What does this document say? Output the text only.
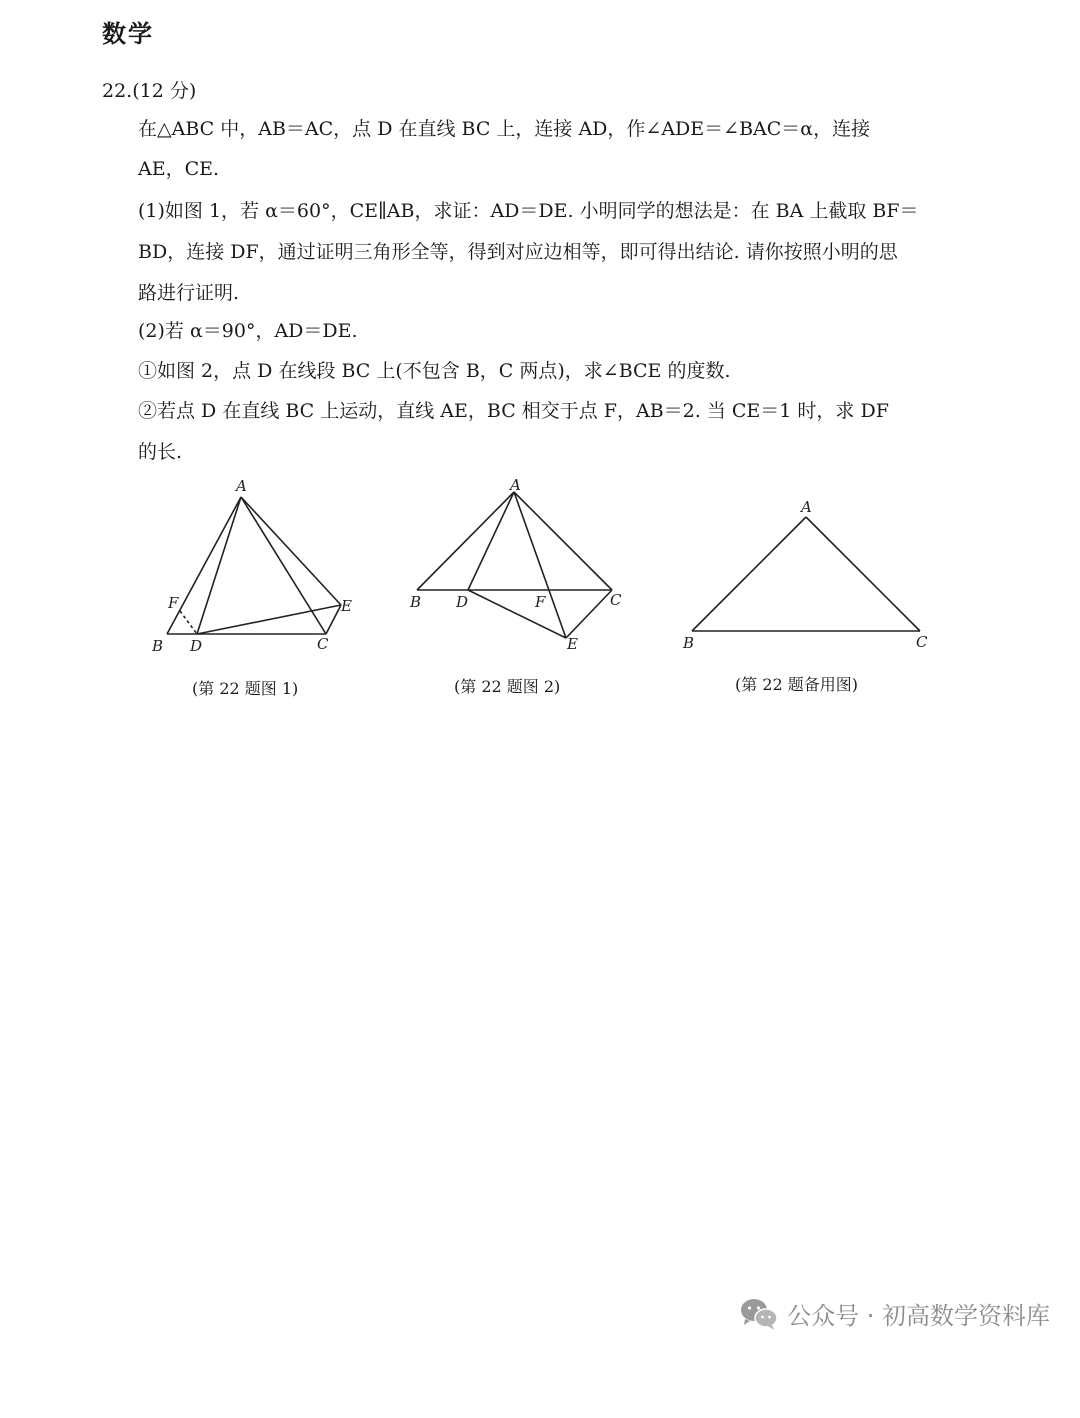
数学
22.(12 分)
在△ABC 中，AB＝AC，点 D 在直线 BC 上，连接 AD，作∠ADE＝∠BAC＝α，连接
AE，CE.
(1)如图 1，若 α＝60°，CE∥AB，求证：AD＝DE. 小明同学的想法是：在 BA 上截取 BF＝
BD，连接 DF，通过证明三角形全等，得到对应边相等，即可得出结论. 请你按照小明的思
路进行证明.
(2)若 α＝90°，AD＝DE.
①如图 2，点 D 在线段 BC 上(不包含 B，C 两点)，求∠BCE 的度数.
②若点 D 在直线 BC 上运动，直线 AE，BC 相交于点 F，AB＝2. 当 CE＝1 时，求 DF
的长.
A
B	C
D
E
F
A
B	C
D
E
F
A
B	C
(第 22 题图 1)	(第 22 题图 2)	(第 22 题备用图)
公众号 · 初高数学资料库
